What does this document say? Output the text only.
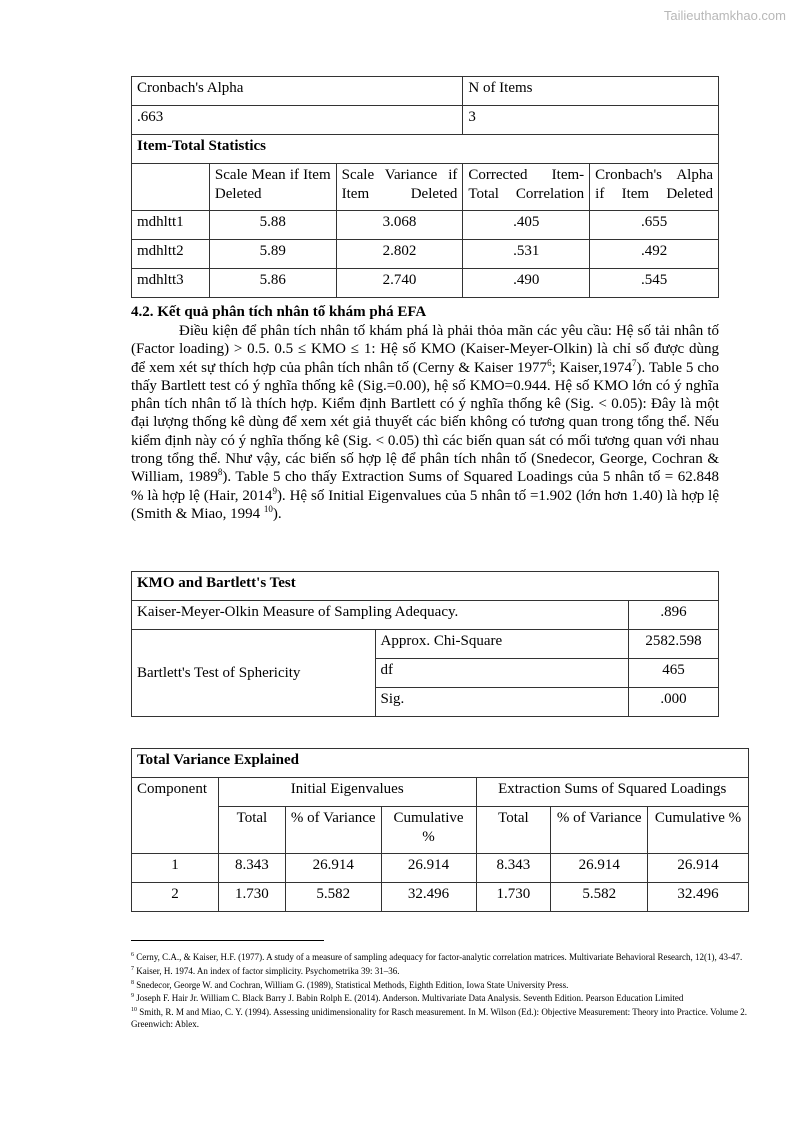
Tailieuthamkhao.com
Cronbach's Alpha			N of Items	
.663			3	
Item-Total Statistics				
	Scale Mean if Item Deleted	Scale Variance if Item Deleted	Corrected Item-Total Correlation	Cronbach's Alpha if Item Deleted
mdhltt1	5.88	3.068	.405	.655
mdhltt2	5.89	2.802	.531	.492
mdhltt3	5.86	2.740	.490	.545
4.2. Kết quả phân tích nhân tố khám phá EFA
Điều kiện để phân tích nhân tố khám phá là phải thỏa mãn các yêu cầu: Hệ số tải nhân tố (Factor loading) > 0.5. 0.5 ≤ KMO ≤ 1: Hệ số KMO (Kaiser-Meyer-Olkin) là chỉ số được dùng để xem xét sự thích hợp của phân tích nhân tố (Cerny & Kaiser 1977$^6$; Kaiser,1974$^7$). Table 5 cho thấy Bartlett test có ý nghĩa thống kê (Sig.=0.00), hệ số KMO=0.944. Hệ số KMO lớn có ý nghĩa phân tích nhân tố là thích hợp. Kiểm định Bartlett có ý nghĩa thống kê (Sig. < 0.05): Đây là một đại lượng thống kê dùng để xem xét giả thuyết các biến không có tương quan trong tổng thể. Nếu kiểm định này có ý nghĩa thống kê (Sig. < 0.05) thì các biến quan sát có mối tương quan với nhau trong tổng thể. Như vậy, các biến số hợp lệ để phân tích nhân tố (Snedecor, George, Cochran & William, 1989$^8$). Table 5 cho thấy Extraction Sums of Squared Loadings của 5 nhân tố = 62.848 % là hợp lệ (Hair, 2014$^9$). Hệ số Initial Eigenvalues của 5 nhân tố =1.902 (lớn hơn 1.40) là hợp lệ (Smith & Miao, 1994 $^{10}$).
KMO and Bartlett's Test		
Kaiser-Meyer-Olkin Measure of Sampling Adequacy.		.896
Bartlett's Test of Sphericity	Approx. Chi-Square	2582.598
	df	465
	Sig.	.000
Total Variance Explained						
Component	Initial Eigenvalues			Extraction Sums of Squared Loadings		
	Total	% of Variance	Cumulative %	Total	% of Variance	Cumulative %
1	8.343	26.914	26.914	8.343	26.914	26.914
2	1.730	5.582	32.496	1.730	5.582	32.496
$^6$ Cerny, C.A., & Kaiser, H.F. (1977). A study of a measure of sampling adequacy for factor-analytic correlation matrices. Multivariate Behavioral Research, 12(1), 43-47.
$^7$ Kaiser, H. 1974. An index of factor simplicity. Psychometrika 39: 31–36.
$^8$ Snedecor, George W. and Cochran, William G. (1989), Statistical Methods, Eighth Edition, Iowa State University Press.
$^9$ Joseph F. Hair Jr. William C. Black Barry J. Babin Rolph E. (2014). Anderson. Multivariate Data Analysis. Seventh Edition. Pearson Education Limited
$^{10}$ Smith, R. M and Miao, C. Y. (1994). Assessing unidimensionality for Rasch measurement. In M. Wilson (Ed.): Objective Measurement: Theory into Practice. Volume 2. Greenwich: Ablex.
